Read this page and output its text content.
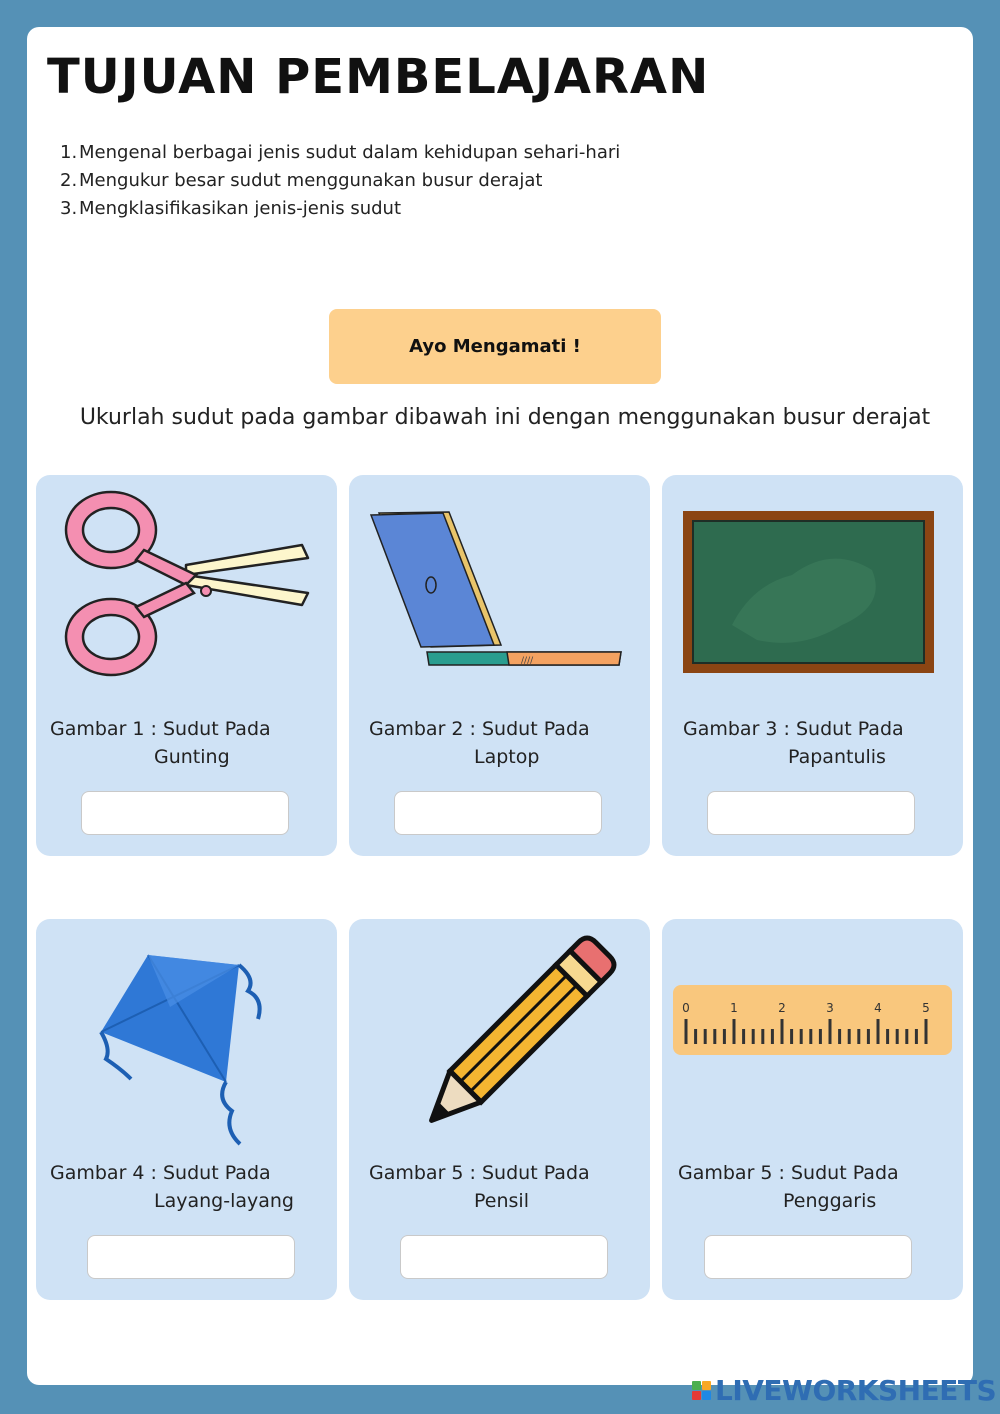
TUJUAN PEMBELAJARAN
1. Mengenal berbagai jenis sudut dalam kehidupan sehari-hari
2. Mengukur besar sudut menggunakan busur derajat
3. Mengklasifikasikan jenis-jenis sudut
Ayo Mengamati !
Ukurlah sudut pada gambar dibawah ini dengan menggunakan busur derajat
Gambar 1 : Sudut Pada
Gunting
////
Gambar 2 : Sudut Pada
Laptop
Gambar 3 : Sudut Pada
Papantulis
Gambar 4 : Sudut Pada
Layang-layang
Gambar 5 : Sudut Pada
Pensil
0	1	2	3	4	5
Gambar 5 : Sudut Pada
Penggaris
LIVEWORKSHEETS
